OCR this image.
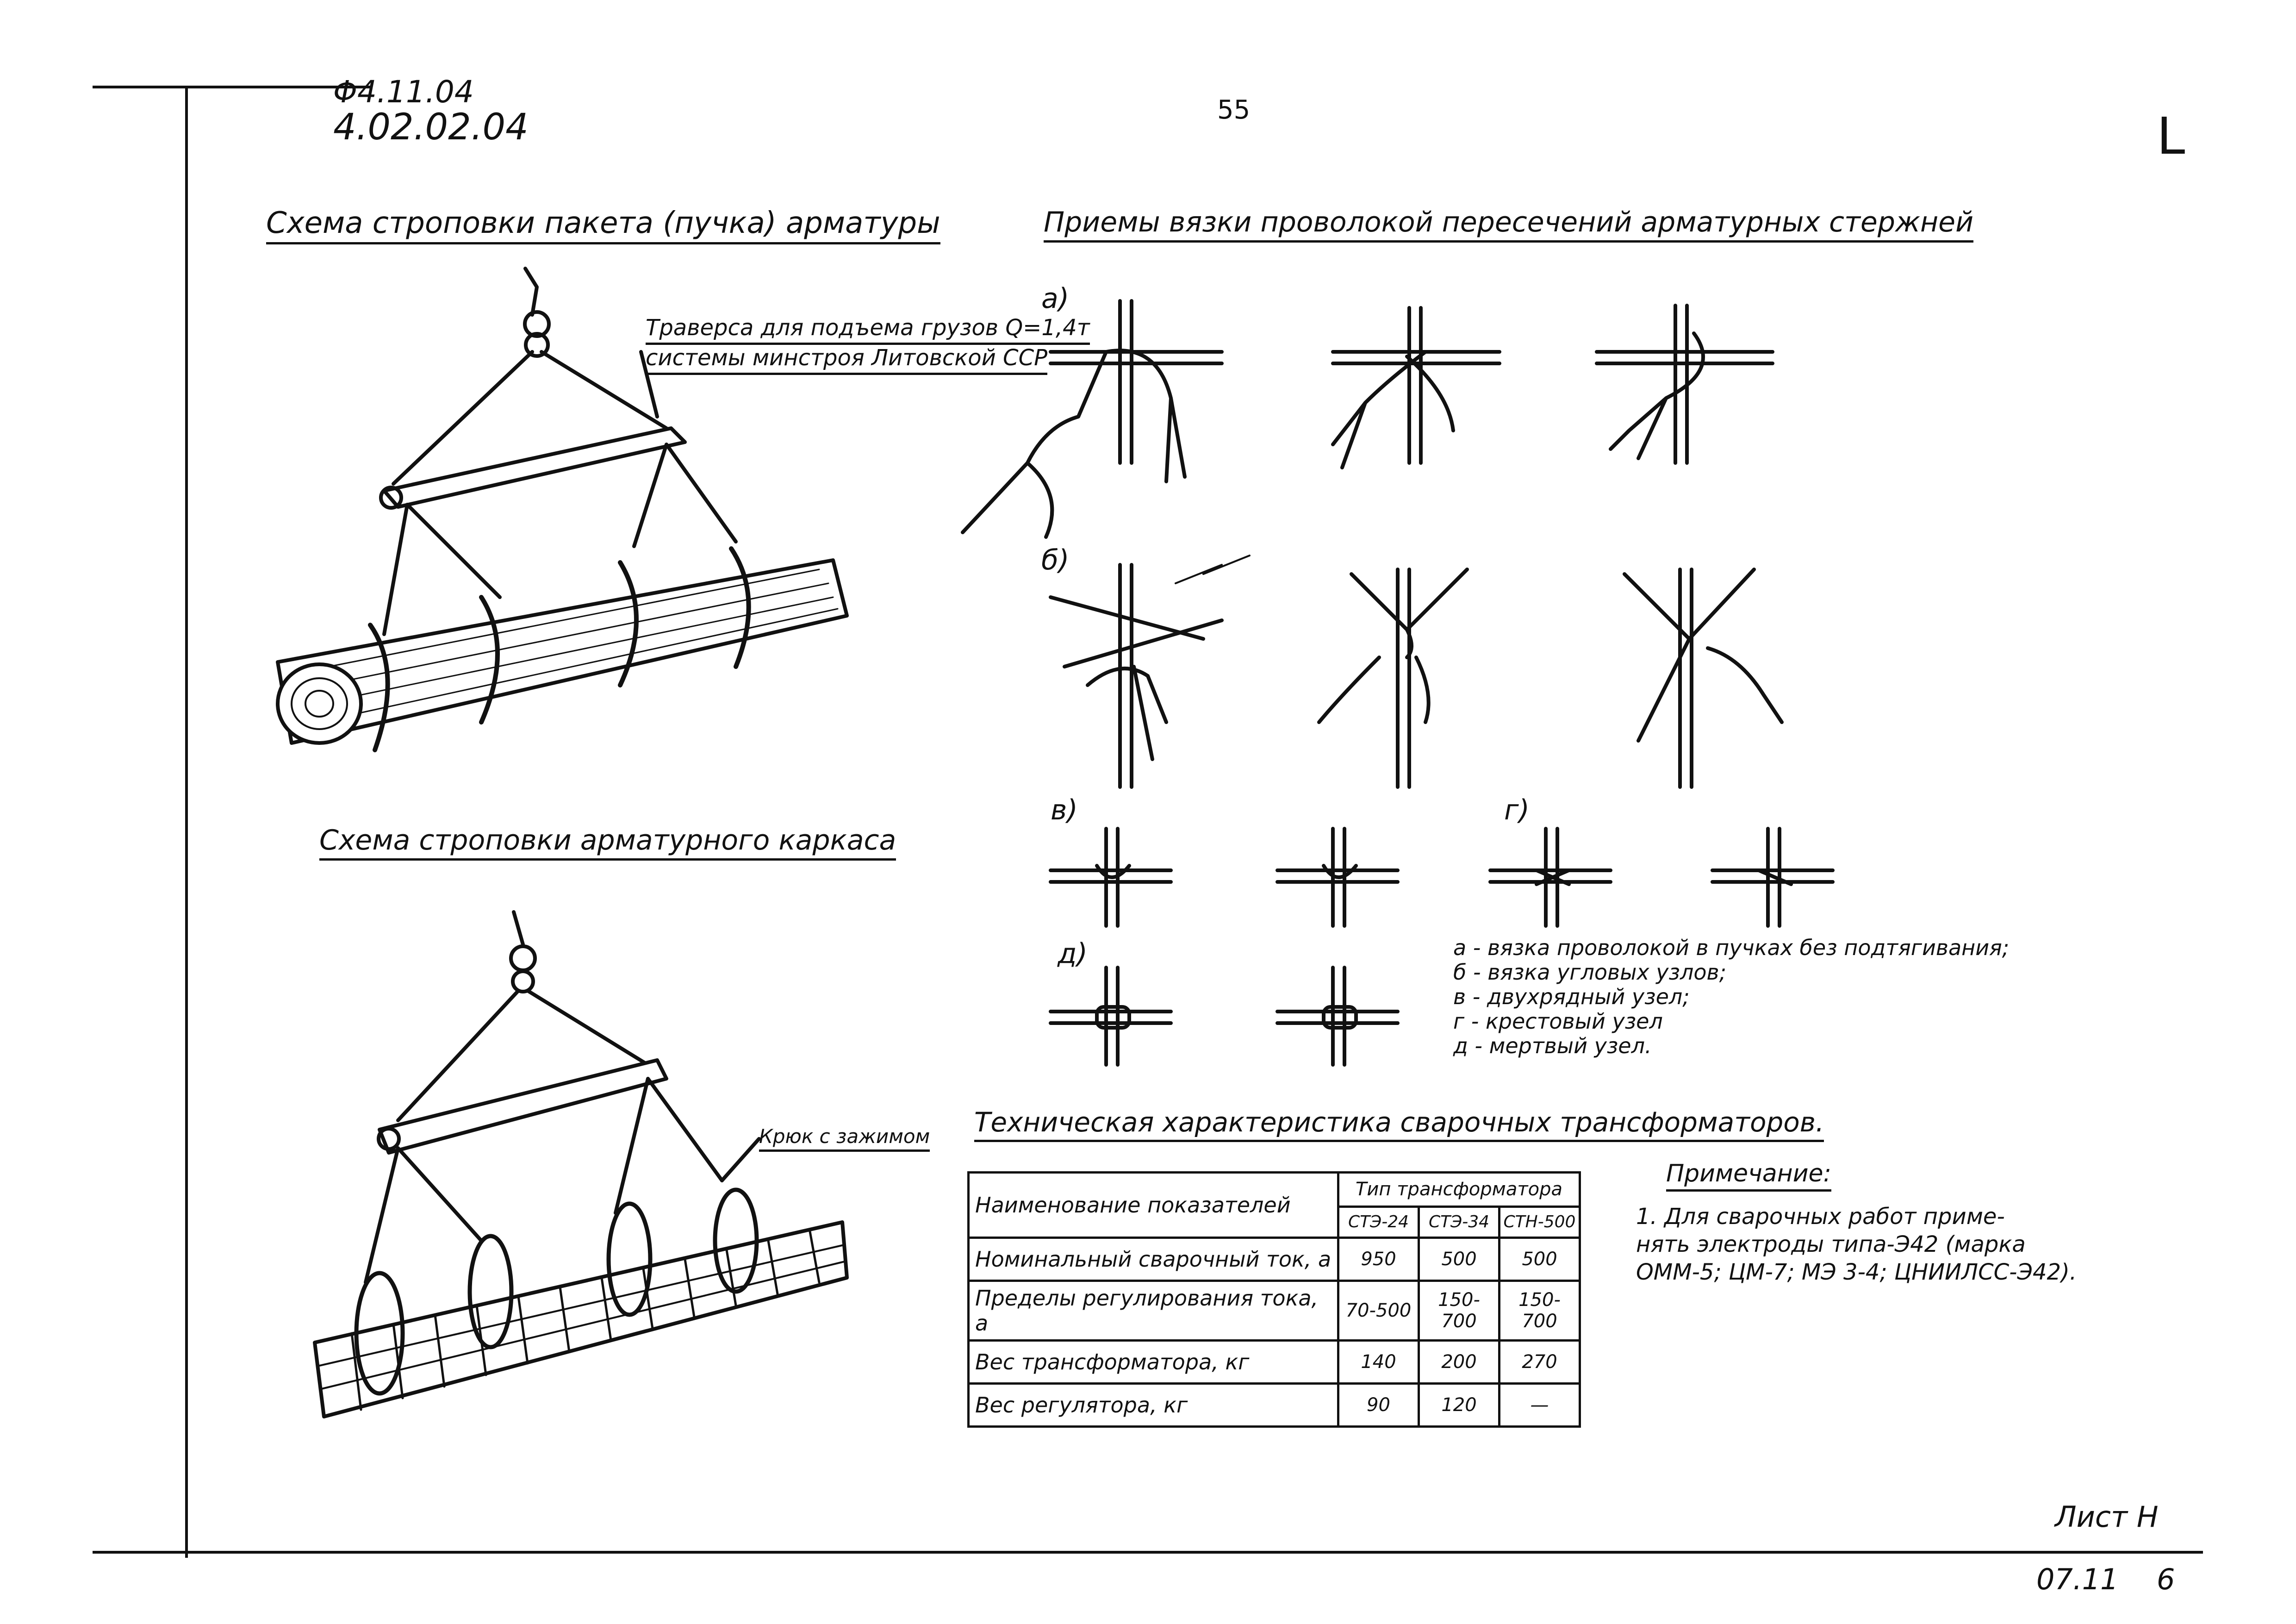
Φ4.11.04
4.02.02.04	55	L
Схема строповки пакета (пучка) арматуры
Траверса для подъема грузов Q=1,4т
системы минстроя Литовской ССР
Схема строповки арматурного каркаса
Крюк с зажимом
Приемы вязки проволокой пересечений арматурных стержней
а)
б)
в)	г)
д)	а - вязка проволокой в пучках без подтягивания;
б - вязка угловых узлов;
в - двухрядный узел;
г - крестовый узел
д - мертвый узел.
Техническая характеристика сварочных трансформаторов.
Наименование показателей	Тип трансформатора		
	СТЭ-24	СТЭ-34	СТН-500
Номинальный сварочный ток, а	950	500	500
Пределы регулирования тока, а	70-500	150-700	150-700
Вес трансформатора, кг	140	200	270
Вес регулятора, кг	90	120	—
Примечание:
1. Для сварочных работ приме-
нять электроды типа-Э42 (марка
ОММ-5; ЦМ-7; МЭ 3-4; ЦНИИЛСС-Э42).
Лист Н
07.11 6
